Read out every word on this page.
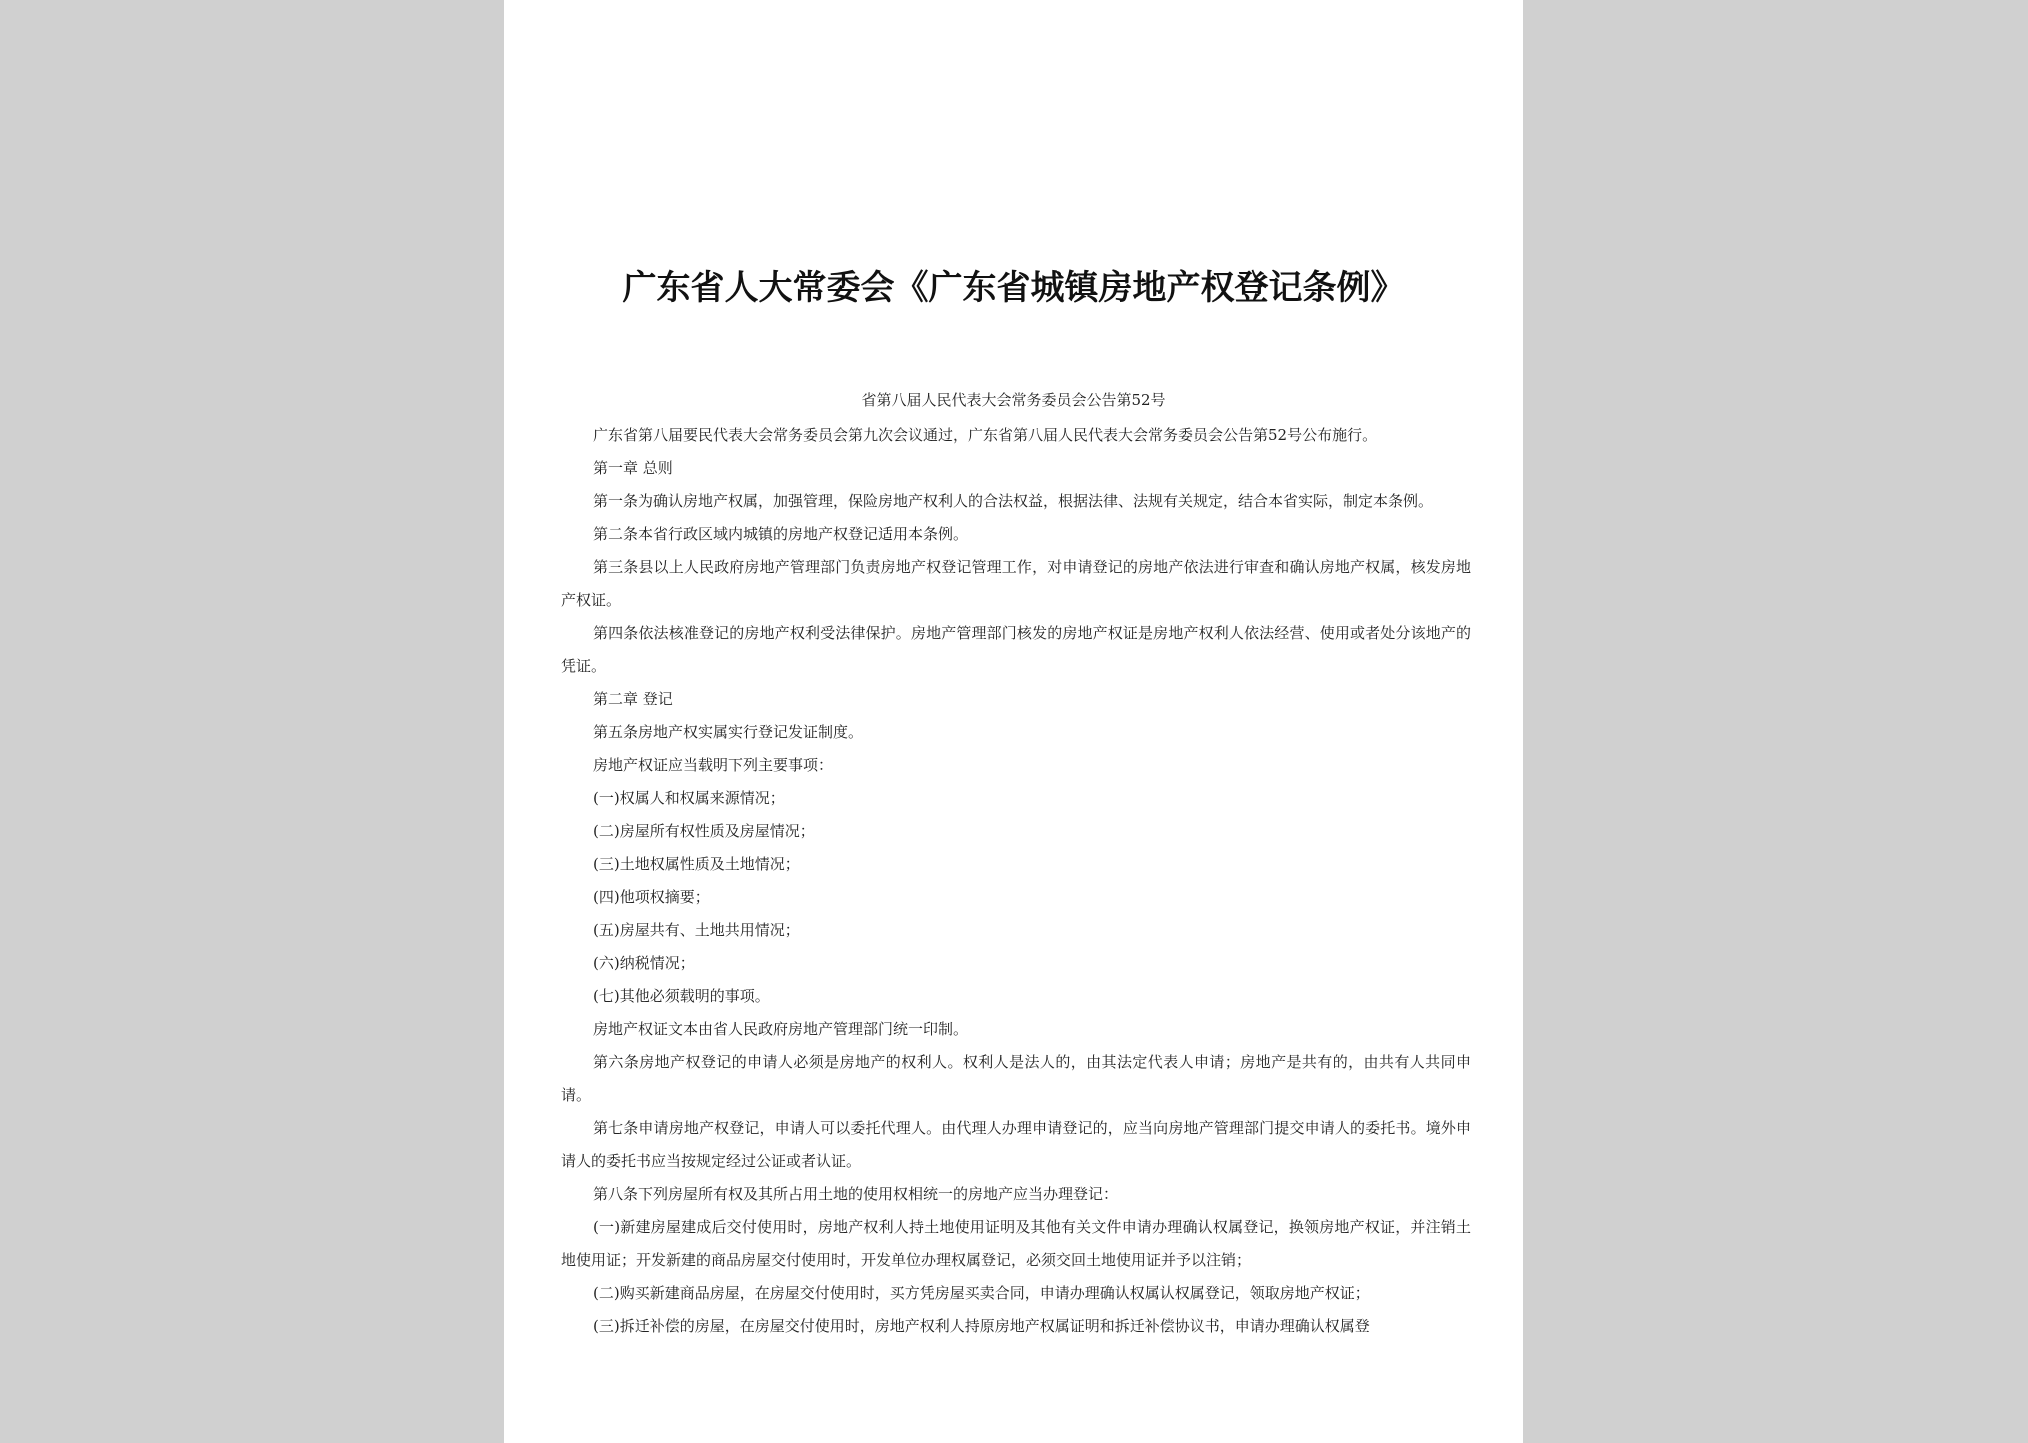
广东省人大常委会《广东省城镇房地产权登记条例》
省第八届人民代表大会常务委员会公告第52号

广东省第八届要民代表大会常务委员会第九次会议通过，广东省第八届人民代表大会常务委员会公告第52号公布施行。

第一章 总则

第一条为确认房地产权属，加强管理，保险房地产权利人的合法权益，根据法律、法规有关规定，结合本省实际，制定本条例。

第二条本省行政区域内城镇的房地产权登记适用本条例。

第三条县以上人民政府房地产管理部门负责房地产权登记管理工作，对申请登记的房地产依法进行审查和确认房地产权属，核发房地产权证。

第四条依法核准登记的房地产权利受法律保护。房地产管理部门核发的房地产权证是房地产权利人依法经营、使用或者处分该地产的凭证。

第二章 登记

第五条房地产权实属实行登记发证制度。

房地产权证应当载明下列主要事项：

(一)权属人和权属来源情况；

(二)房屋所有权性质及房屋情况；

(三)土地权属性质及土地情况；

(四)他项权摘要；

(五)房屋共有、土地共用情况；

(六)纳税情况；

(七)其他必须载明的事项。

房地产权证文本由省人民政府房地产管理部门统一印制。

第六条房地产权登记的申请人必须是房地产的权利人。权利人是法人的，由其法定代表人申请；房地产是共有的，由共有人共同申请。

第七条申请房地产权登记，申请人可以委托代理人。由代理人办理申请登记的，应当向房地产管理部门提交申请人的委托书。境外申请人的委托书应当按规定经过公证或者认证。

第八条下列房屋所有权及其所占用土地的使用权相统一的房地产应当办理登记：

(一)新建房屋建成后交付使用时，房地产权利人持土地使用证明及其他有关文件申请办理确认权属登记，换领房地产权证，并注销土地使用证；开发新建的商品房屋交付使用时，开发单位办理权属登记，必须交回土地使用证并予以注销；

(二)购买新建商品房屋，在房屋交付使用时，买方凭房屋买卖合同，申请办理确认权属认权属登记，领取房地产权证；

(三)拆迁补偿的房屋，在房屋交付使用时，房地产权利人持原房地产权属证明和拆迁补偿协议书，申请办理确认权属登
